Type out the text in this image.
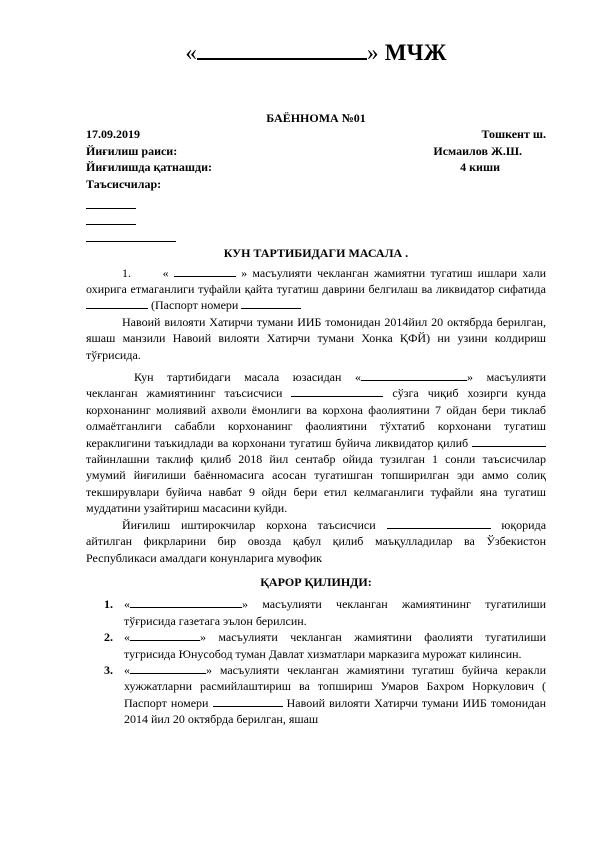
«	» МЧЖ
БАЁННОМА №01
17.09.2019	Тошкент ш.
Йиғилиш раиси:	Исмаилов Ж.Ш.
Йиғилишда қатнашди:	4 киши
Таъсисчилар:
КУН ТАРТИБИДАГИ МАСАЛА .
1.	«	» масъулияти чекланган жамиятни тугатиш ишлари хали охирига етмаганлиги туфайли қайта тугатиш даврини белгилаш ва ликвидатор сифатида  (Паспорт номери
Навоий вилояти Хатирчи тумани ИИБ томонидан 2014йил 20 октябрда берилган, яшаш манзили Навоий вилояти Хатирчи тумани Хонка ҚФЙ) ни узини колдириш тўғрисида.
Кун тартибидаги масала юзасидан «	» масъулияти чекланган жамиятининг таъсисчиси	сўзга чиқиб хозирги кунда корхонанинг молиявий ахволи ёмонлиги ва корхона фаолиятини 7 ойдан бери тиклаб олмаётганлиги сабабли корхонанинг фаолиятини тўхтатиб корхонани тугатиш кераклигини таъкидлади ва корхонани тугатиш буйича ликвидатор қилиб  тайинлашни таклиф қилиб 2018 йил сентабр ойида тузилган 1 сонли таъсисчилар умумий йиғилиши баённомасига асосан тугатишган топширилган эди аммо солиқ текширувлари буйича навбат 9 ойдн бери етил келмаганлиги туфайли яна тугатиш муддатини узайтириш масасини куйди.
Йиғилиш иштирокчилар корхона таъсисчиси	юқорида айтилган фикрларини бир овозда қабул қилиб маъқулладилар ва Ўзбекистон Республикаси амалдаги конунларига мувофик
ҚАРОР ҚИЛИНДИ:
1. «	» масъулияти чекланган жамиятининг тугатилиши тўғрисида газетага эълон берилсин.
2. «	» масъулияти чекланган жамиятини фаолияти тугатилиши тугрисида Юнусобод туман Давлат хизматлари марказига мурожат килинсин.
3. «	» масъулияти чекланган жамиятини тугатиш буйича керакли хужжатларни расмийлаштириш ва топшириш Умаров Бахром Норкулович ( Паспорт номери	Навоий вилояти Хатирчи тумани ИИБ томонидан 2014 йил 20 октябрда берилган, яшаш
